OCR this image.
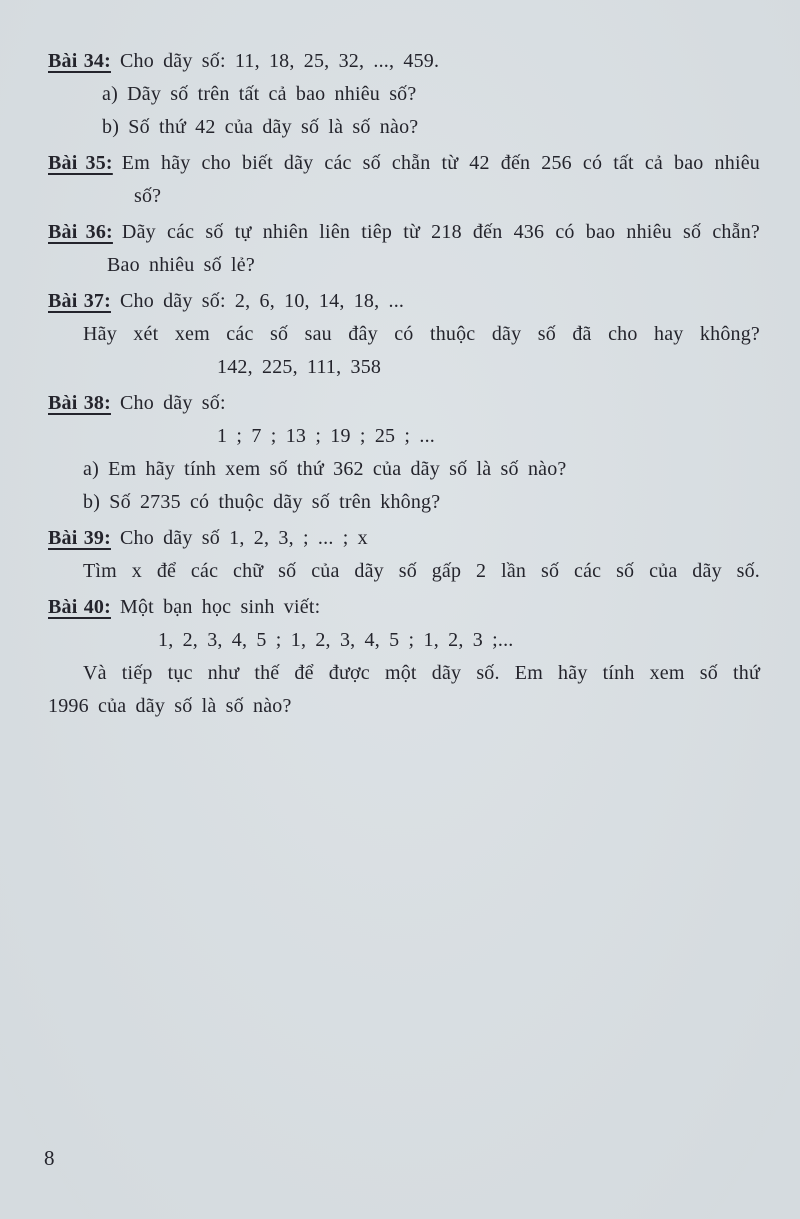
Bài 34: Cho dãy số: 11, 18, 25, 32, ..., 459.
a) Dãy số trên tất cả bao nhiêu số?
b) Số thứ 42 của dãy số là số nào?
Bài 35: Em hãy cho biết dãy các số chẵn từ 42 đến 256 có tất cả bao nhiêu
số?
Bài 36: Dãy các số tự nhiên liên tiêp từ 218 đến 436 có bao nhiêu số chẵn?
Bao nhiêu số lẻ?
Bài 37: Cho dãy số: 2, 6, 10, 14, 18, ...
Hãy xét xem các số sau đây có thuộc dãy số đã cho hay không?
142, 225, 111, 358
Bài 38: Cho dãy số:
1 ; 7 ; 13 ; 19 ; 25 ; ...
a) Em hãy tính xem số thứ 362 của dãy số là số nào?
b) Số 2735 có thuộc dãy số trên không?
Bài 39: Cho dãy số 1, 2, 3, ; ... ; x
Tìm x để các chữ số của dãy số gấp 2 lần số các số của dãy số.
Bài 40: Một bạn học sinh viết:
1, 2, 3, 4, 5 ; 1, 2, 3, 4, 5 ; 1, 2, 3 ;...
Và tiếp tục như thế để được một dãy số. Em hãy tính xem số thứ
1996 của dãy số là số nào?
8
